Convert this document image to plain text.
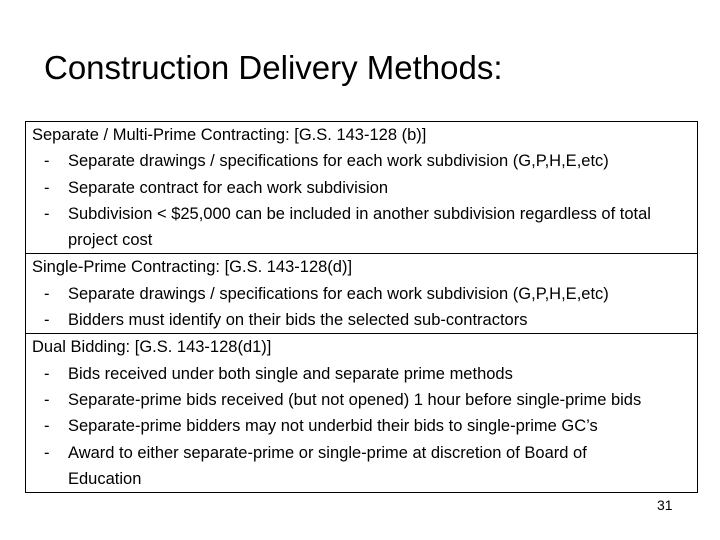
Construction Delivery Methods:
Separate / Multi-Prime Contracting: [G.S. 143-128 (b)]
- Separate drawings / specifications for each work subdivision (G,P,H,E,etc)
- Separate contract for each work subdivision
- Subdivision < $25,000 can be included in another subdivision regardless of total project cost
Single-Prime Contracting: [G.S. 143-128(d)]
- Separate drawings / specifications for each work subdivision (G,P,H,E,etc)
- Bidders must identify on their bids the selected sub-contractors
Dual Bidding: [G.S. 143-128(d1)]
- Bids received under both single and separate prime methods
- Separate-prime bids received (but not opened) 1 hour before single-prime bids
- Separate-prime bidders may not underbid their bids to single-prime GC’s
- Award to either separate-prime or single-prime at discretion of Board of Education
31
